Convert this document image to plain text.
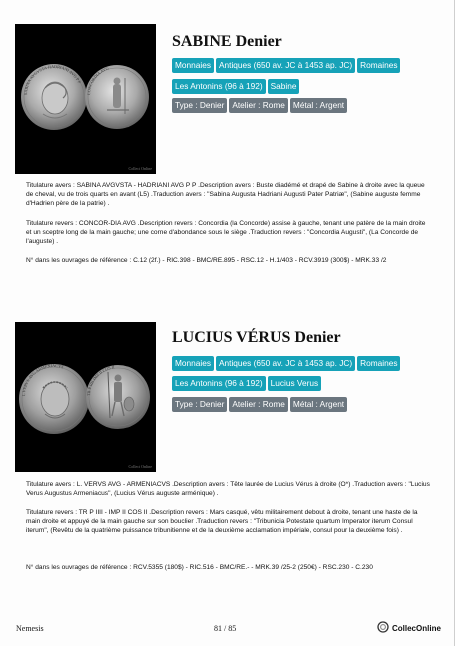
SABINA AVGVSTA HADRIANI AVG P P
CONCORDIA AVG
Collect Online
SABINE Denier
Monnaies Antiques (650 av. JC à 1453 ap. JC) Romaines
Les Antonins (96 à 192) Sabine
Type : Denier Atelier : Rome Métal : Argent

Titulature avers : SABINA AVGVSTA - HADRIANI AVG P P .Description avers : Buste diadémé et drapé de Sabine à droite avec la queue de cheval, vu de trois quarts en avant (L5) .Traduction avers : "Sabina Augusta Hadriani Augusti Pater Patriæ", (Sabine auguste femme d'Hadrien père de la patrie) .

Titulature revers : CONCOR-DIA AVG .Description revers : Concordia (la Concorde) assise à gauche, tenant une patère de la main droite et un sceptre long de la main gauche; une corne d'abondance sous le siège .Traduction revers : "Concordia Augusti", (La Concorde de l'auguste) .

N° dans les ouvrages de référence : C.12 (2f.) - RIC.398 - BMC/RE.895 - RSC.12 - H.1/403 - RCV.3919 (300$) - MRK.33 /2

L VERVS AVG ARMENIACVS
TR P IIII IMP II COS II
Collect Online
LUCIUS VÉRUS Denier
Monnaies Antiques (650 av. JC à 1453 ap. JC) Romaines
Les Antonins (96 à 192) Lucius Verus
Type : Denier Atelier : Rome Métal : Argent

Titulature avers : L. VERVS AVG - ARMENIACVS .Description avers : Tête laurée de Lucius Vérus à droite (O*) .Traduction avers : "Lucius Verus Augustus Armeniacus", (Lucius Vérus auguste arménique) .

Titulature revers : TR P IIII - IMP II COS II .Description revers : Mars casqué, vêtu militairement debout à droite, tenant une haste de la main droite et appuyé de la main gauche sur son bouclier .Traduction revers : "Tribunicia Potestate quartum Imperator iterum Consul iterum", (Revêtu de la quatrième puissance tribunitienne et de la deuxième acclamation impériale, consul pour la deuxième fois) .

N° dans les ouvrages de référence : RCV.5355 (180$) - RIC.516 - BMC/RE.- - MRK.39 /25-2 (250€) - RSC.230 - C.230

Nemesis	81 / 85	CollecOnline
